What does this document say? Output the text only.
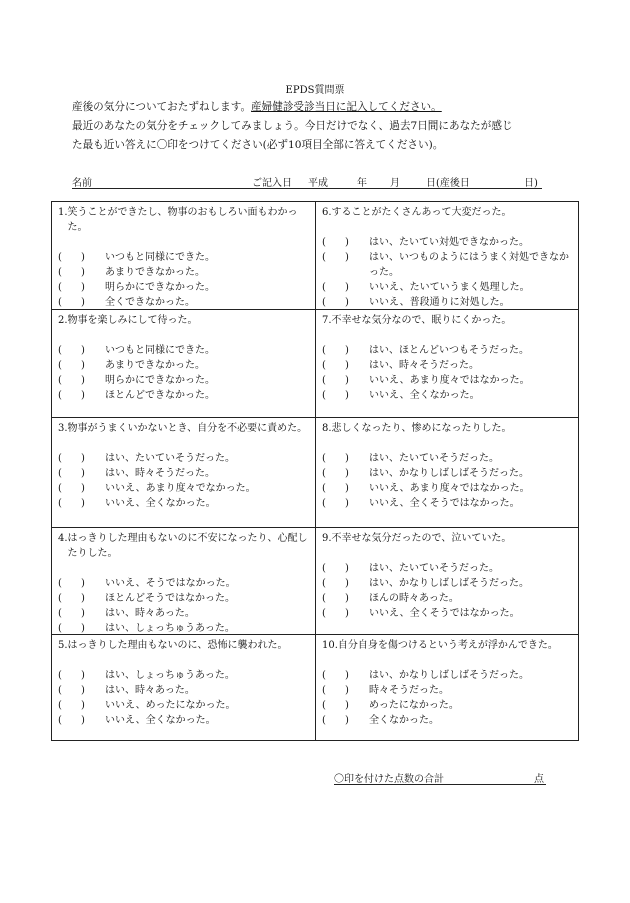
EPDS質問票
産後の気分についておたずねします。産婦健診受診当日に記入してください。
最近のあなたの気分をチェックしてみましょう。今日だけでなく、過去7日間にあなたが感じ
た最も近い答えに〇印をつけてください(必ず10項目全部に答えてください)。
名前	ご記入日 平成	年 月	日(産後日	日)
1. 笑うことができたし、物事のおもしろい面もわかった。
(      )	いつもと同様にできた。
(      )	あまりできなかった。
(      )	明らかにできなかった。
(      )	全くできなかった。
6. することがたくさんあって大変だった。
(      )	はい、たいてい対処できなかった。
(      )	はい、いつものようにはうまく対処できなかった。
(      )	いいえ、たいていうまく処理した。
(      )	いいえ、普段通りに対処した。
2. 物事を楽しみにして待った。
(      )	いつもと同様にできた。
(      )	あまりできなかった。
(      )	明らかにできなかった。
(      )	ほとんどできなかった。
7. 不幸せな気分なので、眠りにくかった。
(      )	はい、ほとんどいつもそうだった。
(      )	はい、時々そうだった。
(      )	いいえ、あまり度々ではなかった。
(      )	いいえ、全くなかった。
3. 物事がうまくいかないとき、自分を不必要に責めた。
(      )	はい、たいていそうだった。
(      )	はい、時々そうだった。
(      )	いいえ、あまり度々でなかった。
(      )	いいえ、全くなかった。
8. 悲しくなったり、惨めになったりした。
(      )	はい、たいていそうだった。
(      )	はい、かなりしばしばそうだった。
(      )	いいえ、あまり度々ではなかった。
(      )	いいえ、全くそうではなかった。
4. はっきりした理由もないのに不安になったり、心配したりした。
(      )	いいえ、そうではなかった。
(      )	ほとんどそうではなかった。
(      )	はい、時々あった。
(      )	はい、しょっちゅうあった。
9. 不幸せな気分だったので、泣いていた。
(      )	はい、たいていそうだった。
(      )	はい、かなりしばしばそうだった。
(      )	ほんの時々あった。
(      )	いいえ、全くそうではなかった。
5. はっきりした理由もないのに、恐怖に襲われた。
(      )	はい、しょっちゅうあった。
(      )	はい、時々あった。
(      )	いいえ、めったになかった。
(      )	いいえ、全くなかった。
10. 自分自身を傷つけるという考えが浮かんできた。
(      )	はい、かなりしばしばそうだった。
(      )	時々そうだった。
(      )	めったになかった。
(      )	全くなかった。
〇印を付けた点数の合計	点
